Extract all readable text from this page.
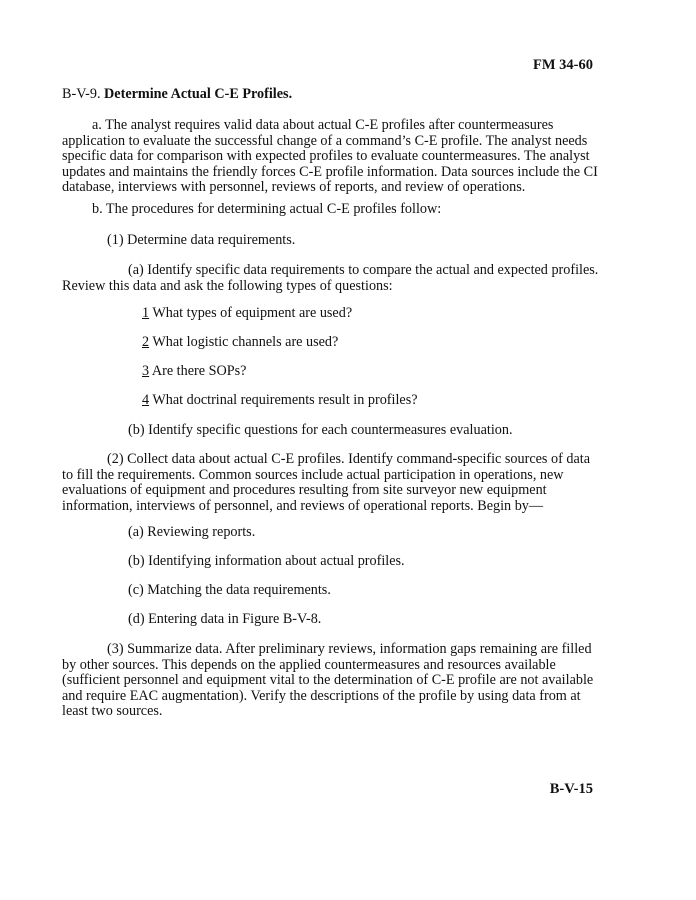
FM 34-60

B-V-9. Determine Actual C-E Profiles.

a. The analyst requires valid data about actual C-E profiles after countermeasures application to evaluate the successful change of a command’s C-E profile. The analyst needs specific data for comparison with expected profiles to evaluate countermeasures. The analyst updates and maintains the friendly forces C-E profile information. Data sources include the CI database, interviews with personnel, reviews of reports, and review of operations.

b. The procedures for determining actual C-E profiles follow:

(1) Determine data requirements.

(a) Identify specific data requirements to compare the actual and expected profiles. Review this data and ask the following types of questions:

1 What types of equipment are used?

2 What logistic channels are used?

3 Are there SOPs?

4 What doctrinal requirements result in profiles?

(b) Identify specific questions for each countermeasures evaluation.

(2) Collect data about actual C-E profiles. Identify command-specific sources of data to fill the requirements. Common sources include actual participation in operations, new evaluations of equipment and procedures resulting from site surveyor new equipment information, interviews of personnel, and reviews of operational reports. Begin by—

(a) Reviewing reports.

(b) Identifying information about actual profiles.

(c) Matching the data requirements.

(d) Entering data in Figure B-V-8.

(3) Summarize data. After preliminary reviews, information gaps remaining are filled by other sources. This depends on the applied countermeasures and resources available (sufficient personnel and equipment vital to the determination of C-E profile are not available and require EAC augmentation). Verify the descriptions of the profile by using data from at least two sources.

B-V-15
